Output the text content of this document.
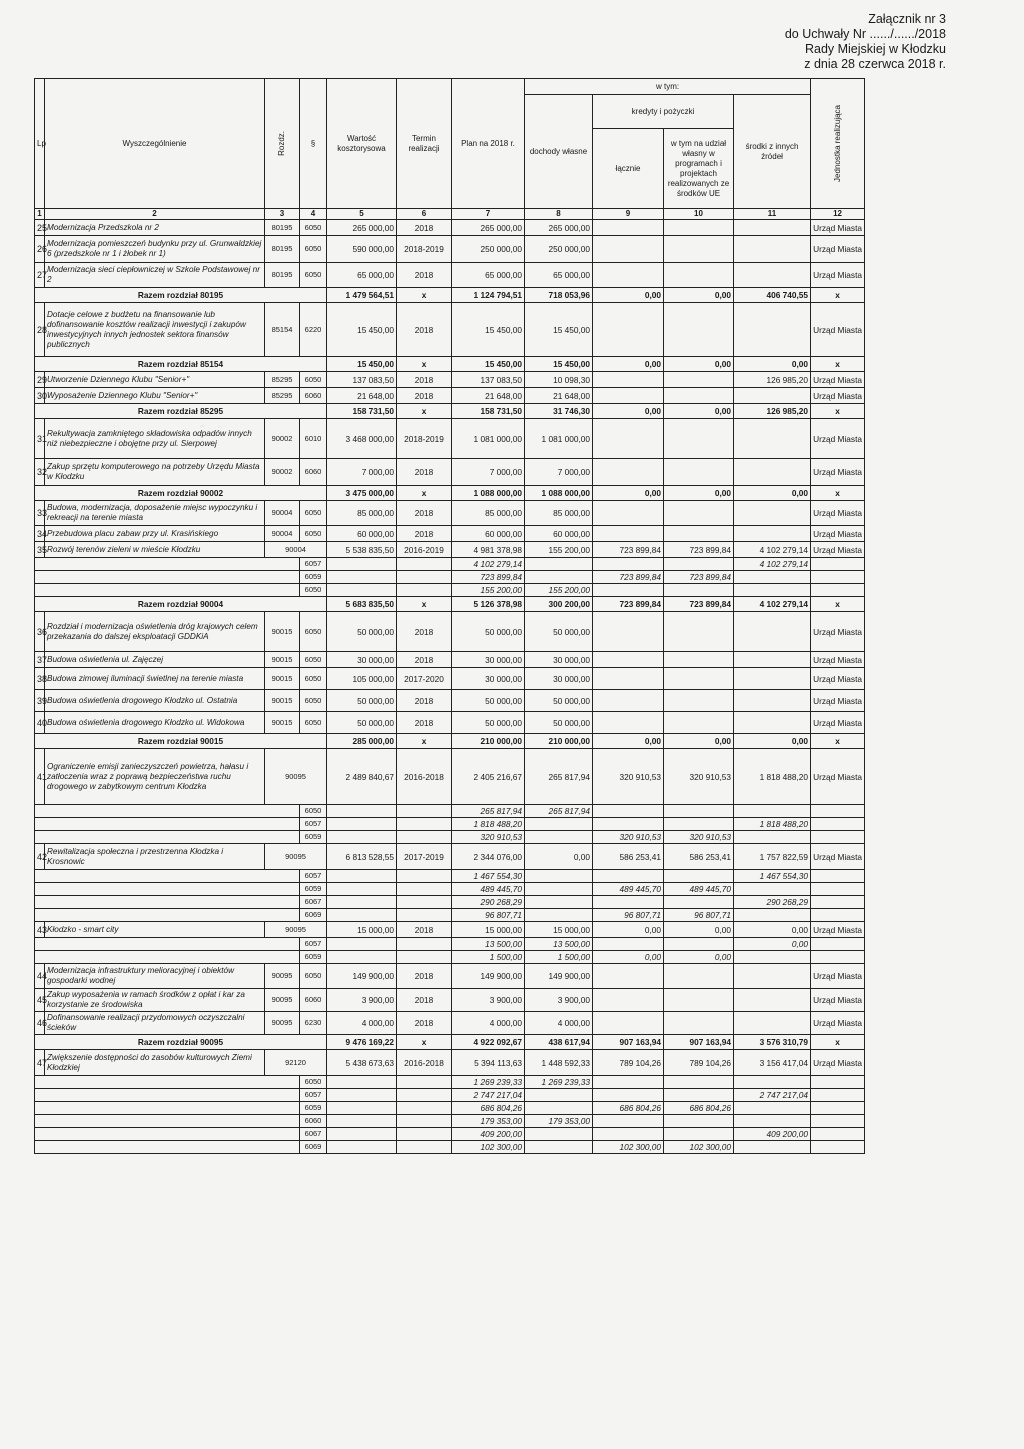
Załącznik nr 3
do Uchwały Nr ....../....../2018
Rady Miejskiej w Kłodzku
z dnia 28 czerwca 2018 r.
Lp	Wyszczególnienie	Rozdz.	§	Wartość kosztorysowa	Termin realizacji	Plan na 2018 r.	w tym:				Jednostka realizująca

							dochody własne	kredyty i pożyczki		środki z innych źródeł	
								łącznie	w tym na udział własny w programach i projektach realizowanych ze środków UE		
1	2	3	4	5	6	7	8	9	10	11	12
25	Modernizacja Przedszkola nr 2	80195	6050	265 000,00	2018	265 000,00	265 000,00				Urząd Miasta
26	Modernizacja pomieszczeń budynku przy ul. Grunwaldzkiej 6 (przedszkole nr 1 i żłobek nr 1)	80195	6050	590 000,00	2018-2019	250 000,00	250 000,00				Urząd Miasta
27	Modernizacja sieci ciepłowniczej w Szkole Podstawowej nr 2	80195	6050	65 000,00	2018	65 000,00	65 000,00				Urząd Miasta
Razem rozdział 80195				1 479 564,51	x	1 124 794,51	718 053,96	0,00	0,00	406 740,55	x
28	Dotacje celowe z budżetu na finansowanie lub dofinansowanie kosztów realizacji inwestycji i zakupów inwestycyjnych innych jednostek sektora finansów publicznych	85154	6220	15 450,00	2018	15 450,00	15 450,00				Urząd Miasta
Razem rozdział 85154				15 450,00	x	15 450,00	15 450,00	0,00	0,00	0,00	x
29	Utworzenie Dziennego Klubu "Senior+"	85295	6050	137 083,50	2018	137 083,50	10 098,30			126 985,20	Urząd Miasta
30	Wyposażenie Dziennego Klubu "Senior+"	85295	6060	21 648,00	2018	21 648,00	21 648,00				Urząd Miasta
Razem rozdział 85295				158 731,50	x	158 731,50	31 746,30	0,00	0,00	126 985,20	x
31	Rekultywacja zamkniętego składowiska odpadów innych niż niebezpieczne i obojętne przy ul. Sierpowej	90002	6010	3 468 000,00	2018-2019	1 081 000,00	1 081 000,00				Urząd Miasta
32	Zakup sprzętu komputerowego na potrzeby Urzędu Miasta w Kłodzku	90002	6060	7 000,00	2018	7 000,00	7 000,00				Urząd Miasta
Razem rozdział 90002				3 475 000,00	x	1 088 000,00	1 088 000,00	0,00	0,00	0,00	x
33	Budowa, modernizacja, doposażenie miejsc wypoczynku i rekreacji na terenie miasta	90004	6050	85 000,00	2018	85 000,00	85 000,00				Urząd Miasta
34	Przebudowa placu zabaw przy ul. Krasińskiego	90004	6050	60 000,00	2018	60 000,00	60 000,00				Urząd Miasta
35	Rozwój terenów zieleni w mieście Kłodzku	90004		5 538 835,50	2016-2019	4 981 378,98	155 200,00	723 899,84	723 899,84	4 102 279,14	Urząd Miasta
			6057			4 102 279,14				4 102 279,14	
			6059			723 899,84		723 899,84	723 899,84		
			6050			155 200,00	155 200,00				
Razem rozdział 90004				5 683 835,50	x	5 126 378,98	300 200,00	723 899,84	723 899,84	4 102 279,14	x
36	Rozdział i modernizacja oświetlenia dróg krajowych celem przekazania do dalszej eksploatacji GDDKiA	90015	6050	50 000,00	2018	50 000,00	50 000,00				Urząd Miasta
37	Budowa oświetlenia ul. Zajęczej	90015	6050	30 000,00	2018	30 000,00	30 000,00				Urząd Miasta
38	Budowa zimowej iluminacji świetlnej na terenie miasta	90015	6050	105 000,00	2017-2020	30 000,00	30 000,00				Urząd Miasta
39	Budowa oświetlenia drogowego Kłodzko ul. Ostatnia	90015	6050	50 000,00	2018	50 000,00	50 000,00				Urząd Miasta
40	Budowa oświetlenia drogowego Kłodzko ul. Widokowa	90015	6050	50 000,00	2018	50 000,00	50 000,00				Urząd Miasta
Razem rozdział 90015				285 000,00	x	210 000,00	210 000,00	0,00	0,00	0,00	x
41	Ograniczenie emisji zanieczyszczeń powietrza, hałasu i zatłoczenia wraz z poprawą bezpieczeństwa ruchu drogowego w zabytkowym centrum Kłodzka	90095		2 489 840,67	2016-2018	2 405 216,67	265 817,94	320 910,53	320 910,53	1 818 488,20	Urząd Miasta
			6050			265 817,94	265 817,94				
			6057			1 818 488,20				1 818 488,20	
			6059			320 910,53		320 910,53	320 910,53		
42	Rewitalizacja społeczna i przestrzenna Kłodzka i Krosnowic	90095		6 813 528,55	2017-2019	2 344 076,00	0,00	586 253,41	586 253,41	1 757 822,59	Urząd Miasta
			6057			1 467 554,30				1 467 554,30	
			6059			489 445,70		489 445,70	489 445,70		
			6067			290 268,29				290 268,29	
			6069			96 807,71		96 807,71	96 807,71		
43	Kłodzko - smart city	90095		15 000,00	2018	15 000,00	15 000,00	0,00	0,00	0,00	Urząd Miasta
			6057			13 500,00	13 500,00			0,00	
			6059			1 500,00	1 500,00	0,00	0,00		
44	Modernizacja infrastruktury melioracyjnej i obiektów gospodarki wodnej	90095	6050	149 900,00	2018	149 900,00	149 900,00				Urząd Miasta
45	Zakup wyposażenia w ramach środków z opłat i kar za korzystanie ze środowiska	90095	6060	3 900,00	2018	3 900,00	3 900,00				Urząd Miasta
46	Dofinansowanie realizacji przydomowych oczyszczalni ścieków	90095	6230	4 000,00	2018	4 000,00	4 000,00				Urząd Miasta
Razem rozdział 90095				9 476 169,22	x	4 922 092,67	438 617,94	907 163,94	907 163,94	3 576 310,79	x
47	Zwiększenie dostępności do zasobów kulturowych Ziemi Kłodzkiej	92120		5 438 673,63	2016-2018	5 394 113,63	1 448 592,33	789 104,26	789 104,26	3 156 417,04	Urząd Miasta
			6050			1 269 239,33	1 269 239,33				
			6057			2 747 217,04				2 747 217,04	
			6059			686 804,26		686 804,26	686 804,26		
			6060			179 353,00	179 353,00				
			6067			409 200,00				409 200,00	
			6069			102 300,00		102 300,00	102 300,00		
